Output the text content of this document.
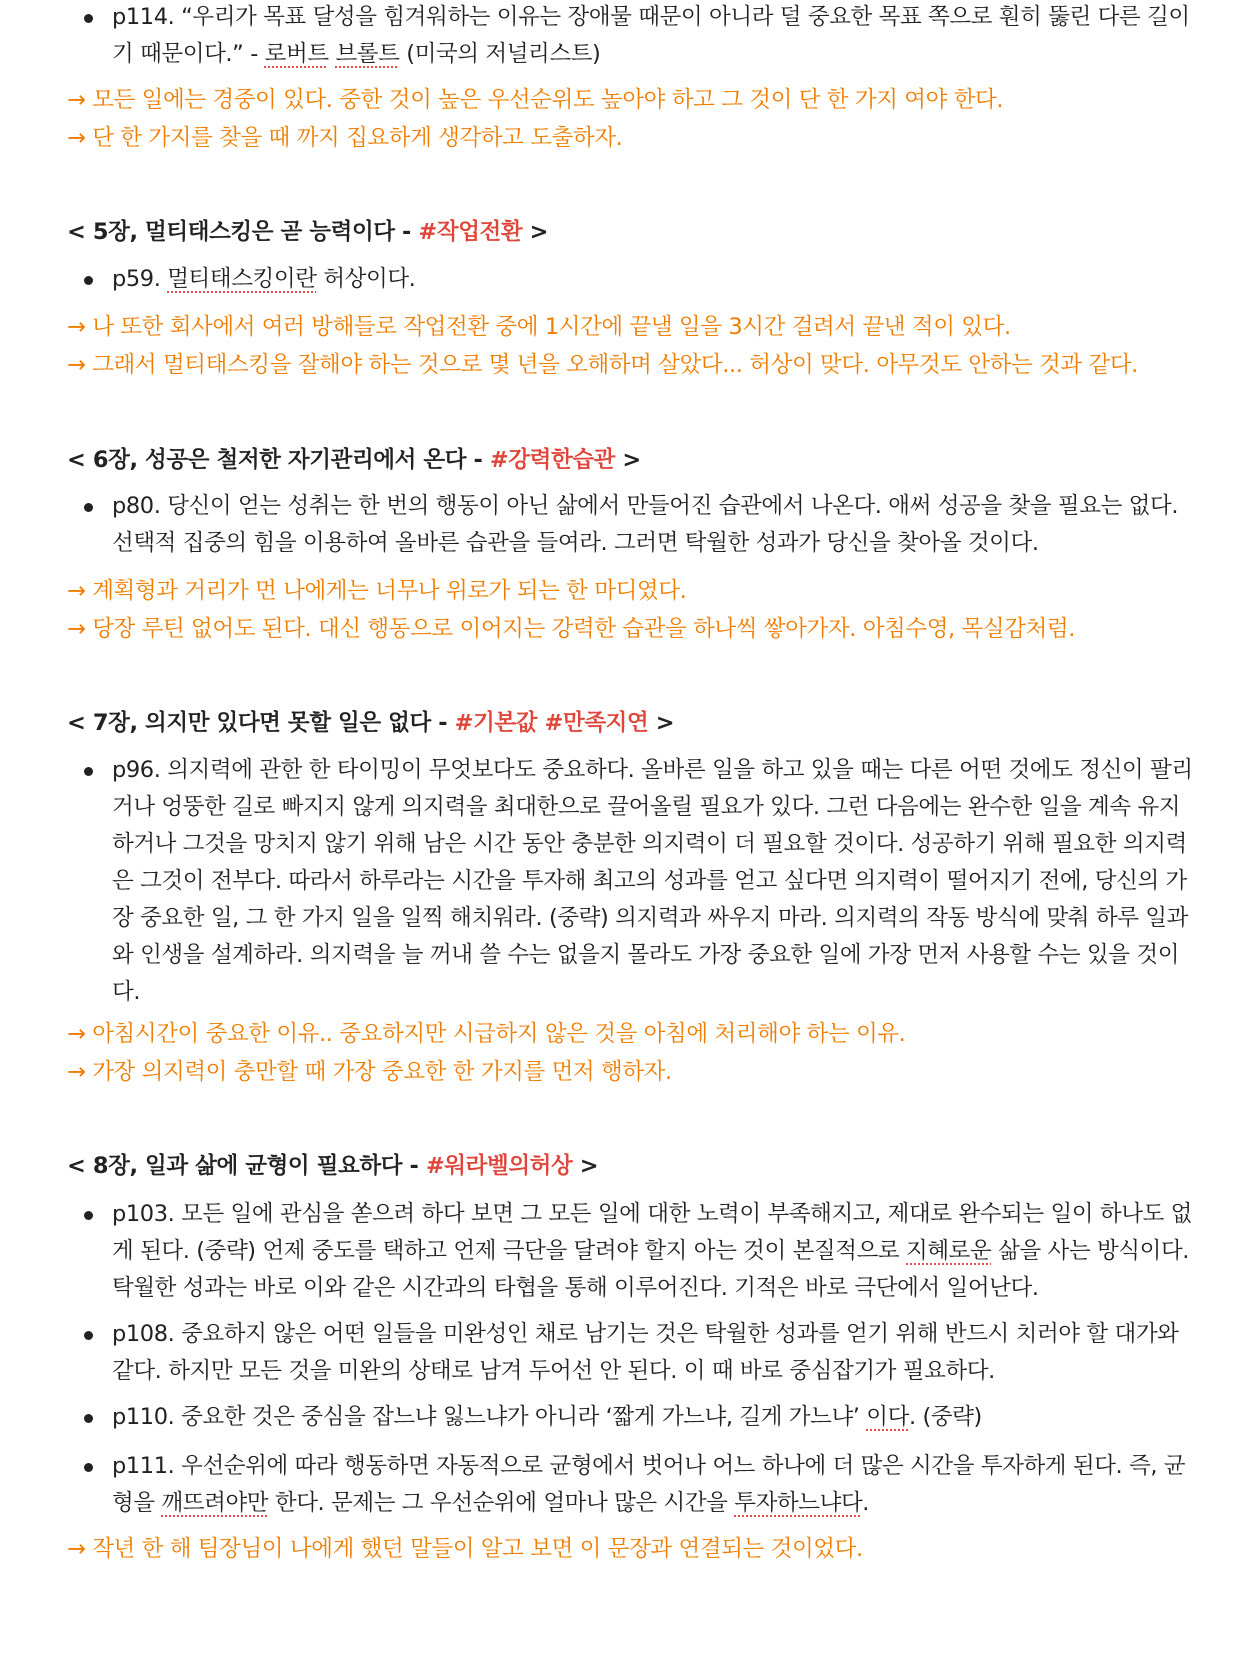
p114. “우리가 목표 달성을 힘겨워하는 이유는 장애물 때문이 아니라 덜 중요한 목표 쪽으로 훤히 뚫린 다른 길이기 때문이다.” - 로버트 브롤트 (미국의 저널리스트)
→ 모든 일에는 경중이 있다. 중한 것이 높은 우선순위도 높아야 하고 그 것이 단 한 가지 여야 한다.
→ 단 한 가지를 찾을 때 까지 집요하게 생각하고 도출하자.
< 5장, 멀티태스킹은 곧 능력이다 - #작업전환 >
p59. 멀티태스킹이란 허상이다.
→ 나 또한 회사에서 여러 방해들로 작업전환 중에 1시간에 끝낼 일을 3시간 걸려서 끝낸 적이 있다.
→ 그래서 멀티태스킹을 잘해야 하는 것으로 몇 년을 오해하며 살았다... 허상이 맞다. 아무것도 안하는 것과 같다.
< 6장, 성공은 철저한 자기관리에서 온다 - #강력한습관 >
p80. 당신이 얻는 성취는 한 번의 행동이 아닌 삶에서 만들어진 습관에서 나온다. 애써 성공을 찾을 필요는 없다. 선택적 집중의 힘을 이용하여 올바른 습관을 들여라. 그러면 탁월한 성과가 당신을 찾아올 것이다.
→ 계획형과 거리가 먼 나에게는 너무나 위로가 되는 한 마디였다.
→ 당장 루틴 없어도 된다. 대신 행동으로 이어지는 강력한 습관을 하나씩 쌓아가자. 아침수영, 목실감처럼.
< 7장, 의지만 있다면 못할 일은 없다 - #기본값 #만족지연 >
p96. 의지력에 관한 한 타이밍이 무엇보다도 중요하다. 올바른 일을 하고 있을 때는 다른 어떤 것에도 정신이 팔리거나 엉뚱한 길로 빠지지 않게 의지력을 최대한으로 끌어올릴 필요가 있다. 그런 다음에는 완수한 일을 계속 유지하거나 그것을 망치지 않기 위해 남은 시간 동안 충분한 의지력이 더 필요할 것이다. 성공하기 위해 필요한 의지력은 그것이 전부다. 따라서 하루라는 시간을 투자해 최고의 성과를 얻고 싶다면 의지력이 떨어지기 전에, 당신의 가장 중요한 일, 그 한 가지 일을 일찍 해치워라. (중략) 의지력과 싸우지 마라. 의지력의 작동 방식에 맞춰 하루 일과와 인생을 설계하라. 의지력을 늘 꺼내 쓸 수는 없을지 몰라도 가장 중요한 일에 가장 먼저 사용할 수는 있을 것이다.
→ 아침시간이 중요한 이유.. 중요하지만 시급하지 않은 것을 아침에 처리해야 하는 이유.
→ 가장 의지력이 충만할 때 가장 중요한 한 가지를 먼저 행하자.
< 8장, 일과 삶에 균형이 필요하다 - #워라벨의허상 >
p103. 모든 일에 관심을 쏟으려 하다 보면 그 모든 일에 대한 노력이 부족해지고, 제대로 완수되는 일이 하나도 없게 된다. (중략) 언제 중도를 택하고 언제 극단을 달려야 할지 아는 것이 본질적으로 지혜로운 삶을 사는 방식이다. 탁월한 성과는 바로 이와 같은 시간과의 타협을 통해 이루어진다. 기적은 바로 극단에서 일어난다.
p108. 중요하지 않은 어떤 일들을 미완성인 채로 남기는 것은 탁월한 성과를 얻기 위해 반드시 치러야 할 대가와 같다. 하지만 모든 것을 미완의 상태로 남겨 두어선 안 된다. 이 때 바로 중심잡기가 필요하다.
p110. 중요한 것은 중심을 잡느냐 잃느냐가 아니라 ‘짧게 가느냐, 길게 가느냐’ 이다. (중략)
p111. 우선순위에 따라 행동하면 자동적으로 균형에서 벗어나 어느 하나에 더 많은 시간을 투자하게 된다. 즉, 균형을 깨뜨려야만 한다. 문제는 그 우선순위에 얼마나 많은 시간을 투자하느냐다.
→ 작년 한 해 팀장님이 나에게 했던 말들이 알고 보면 이 문장과 연결되는 것이었다.
